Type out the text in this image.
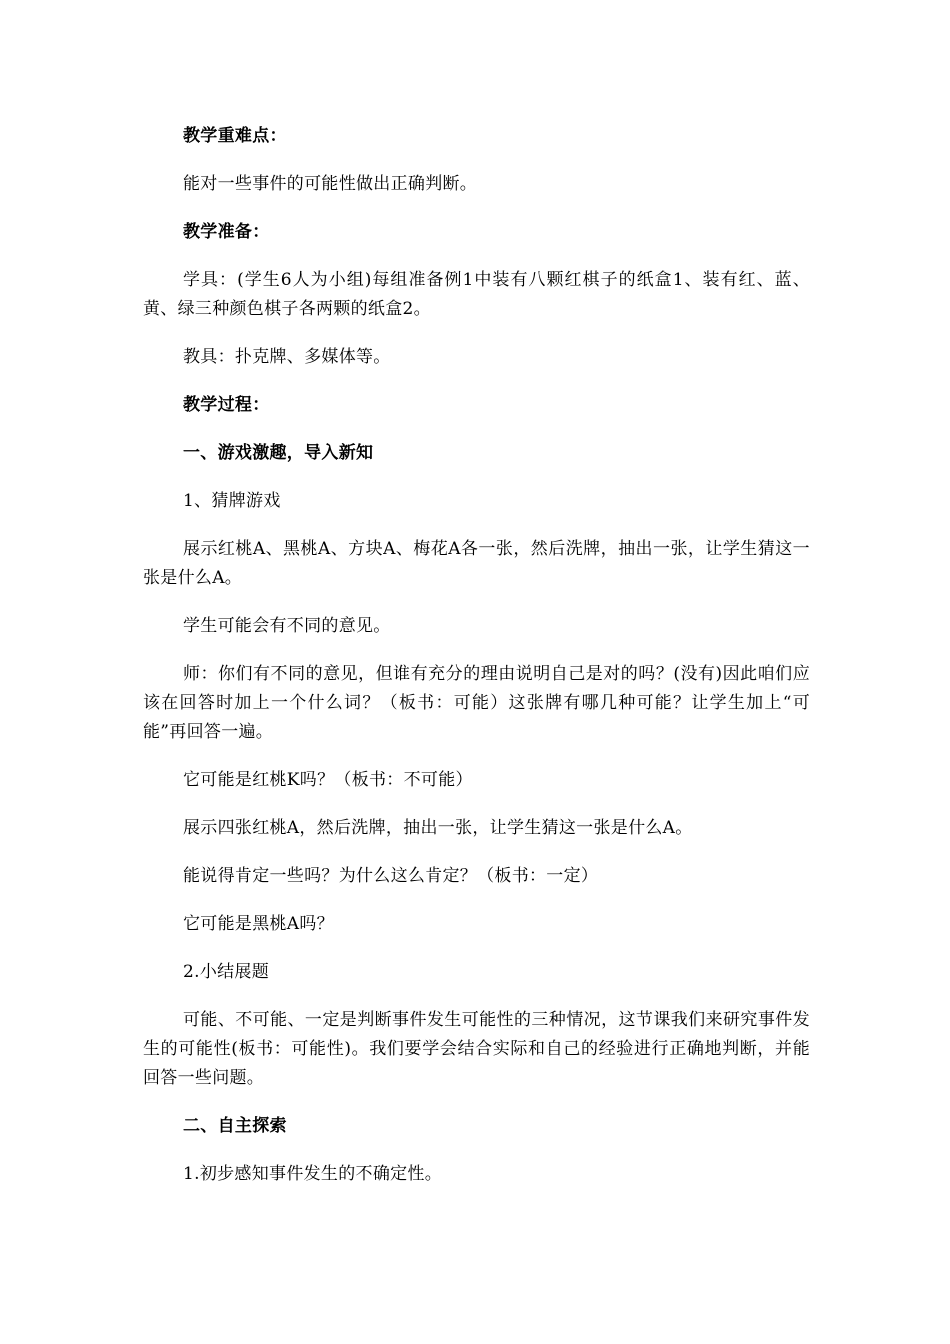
教学重难点：

能对一些事件的可能性做出正确判断。

教学准备：

学具：(学生6人为小组)每组准备例1中装有八颗红棋子的纸盒1、装有红、蓝、黄、绿三种颜色棋子各两颗的纸盒2。

教具：扑克牌、多媒体等。

教学过程：

一、游戏激趣，导入新知

1、猜牌游戏

展示红桃A、黑桃A、方块A、梅花A各一张，然后洗牌，抽出一张，让学生猜这一张是什么A。

学生可能会有不同的意见。

师：你们有不同的意见，但谁有充分的理由说明自己是对的吗？(没有)因此咱们应该在回答时加上一个什么词？（板书：可能）这张牌有哪几种可能？让学生加上“可能”再回答一遍。

它可能是红桃K吗？（板书：不可能）

展示四张红桃A，然后洗牌，抽出一张，让学生猜这一张是什么A。

能说得肯定一些吗？为什么这么肯定？（板书：一定）

它可能是黑桃A吗？

2.小结展题

可能、不可能、一定是判断事件发生可能性的三种情况，这节课我们来研究事件发生的可能性(板书：可能性)。我们要学会结合实际和自己的经验进行正确地判断，并能回答一些问题。

二、自主探索

1.初步感知事件发生的不确定性。
